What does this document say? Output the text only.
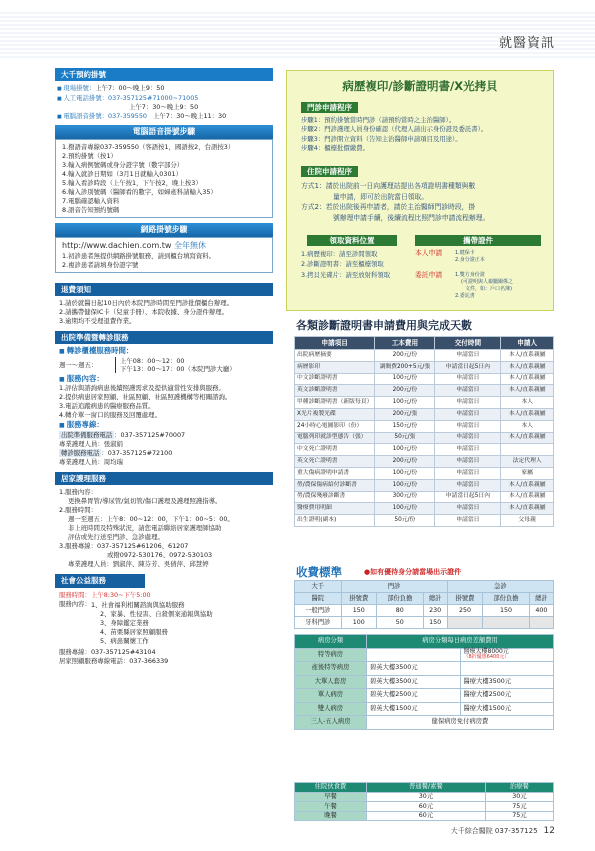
就醫資訊
大千預約掛號
■ 現場掛號：上午7：00～晚上9：50
■ 人工電話掛號：037-357125#71000~71005
上午7：30～晚上9：50
■ 電腦語音掛號：037-359550 上午7：30～晚上11：30
電腦語音掛號步驟
1.撥語音專線037-359550（客語按1，國語按2，台語按3）
2.預約掛號（按1）
3.輸入病例號碼或身分證字號（數字部分）
4.輸入就診日期如（3月1日就輸入0301）
5.輸入看診時段（上午按1，下午按2，晚上按3）
6.輸入診別號碼（醫師看的數字，如婦產科請輸入35）
7.電腦確認輸入資料
8.語音告知預約號碼
網路掛號步驟
http://www.dachien.com.tw 全年無休
1.初診患者無提供網路掛號服務，請到櫃台填寫資料。
2.複診患者請填身份證字號
退費須知
1.請於就醫日起10日內於本院門診時間至門診批價櫃台辦理。
2.請攜帶健保IC卡（兒童手冊）、本院收據、身分證件辦理。
3.逾期均不受理退費作業。
出院準備暨轉診服務
■ 轉診櫃檯服務時間：
週一～週五：	上午08：00～12：00
下午13：00～17：00（本院門診大廳）
■ 服務內容：
1.評估與諮詢病患後續照護需求及提供適當性安排與服務。
2.提供病患居家照顧、社區照顧、社區照護機構等相關諮詢。
3.電話追蹤病患的醫療服務品質。
4.轉介單一窗口的服務及回覆處理。
■ 服務專線：
出院準備服務電話 ：037-357125#70007
專業護理人員：張淑娟
轉診服務電話 ：037-357125#72100
專業護理人員：周均瑞
居家護理服務
1.服務內容：
更換鼻胃管/導尿管/氣切管/傷口護理及護理照護指導。
2.服務時間：
週一至週五：上午8：00~12：00，下午1：00~5：00。
非上班時間及特殊狀況，請您電話聯絡居家護理師協助
評估或先行送至門診、急診處理。
3.服務專線：037-357125#61206、61207
或撥0972-530176、0972-530103
專業護理人員：劉淑萍、陳芬芳、吳倩萍、邱慧婷
社會公益服務
服務時間：上午8:30~下午5:00
服務內容： 1、社會福利相關諮詢與協助服務
2、家暴、性侵害、自殺個案通報與協助
3、身障鑑定業務
4、苗栗縣居家照顧服務
5、病患關懷工作
服務專線：037-357125#43104
居家照顧服務專線電話：037-366339
病歷複印/診斷證明書/X光拷貝
門診申請程序
步驟1：預約掛號當時門診（請預約當時之主治醫師）。
步驟2：門診護理人員身份確認（代理人請出示身份證及委託書）。
步驟3：門診開立資料（告知主治醫師申請項目及用途）。
步驟4：櫃檯批價繳費。
住院申請程序
方式1：請於出院前一日向護理站提出各項證明書種類與數
量申請，即可於出院當日領取。
方式2：若於出院後再申請者，請於主治醫師門診時段，掛
號辦理申請手續，後續流程比照門診申請流程辦理。
領取資料位置	攜帶證件
1.病歷複印：請至診間領取
2.診斷證明書：請至櫃檯領取
3.拷貝光碟片：請至放射科領取
本人申請	1.健保卡
2.身分證正本
委託申請	1.雙方身份證
(可證明與人親屬關係之
文件，如：戶口名簿)
2.委託書
各類診斷證明書申請費用與完成天數
申請項目	工本費用	交付時間	申請人
出院病歷摘要	200元/份	申請當日	本人/直系親屬
病歷影印	調閱費200+5元/張	申請當日起5日內	本人/直系親屬
中文診斷證明書	100元/份	申請當日	本人/直系親屬
英文診斷證明書	200元/份	申請當日	本人/直系親屬
甲種診斷證明書（新版每頁）	100元/份	申請當日	本人
X光片複製光碟	200元/張	申請當日	本人/直系親屬
24小時心電圖影印（份）	150元/份	申請當日	本人
電腦列印就診型態告（張）	50元/張	申請當日	本人/直系親屬
中文死亡證明書	100元/份	申請當日	
英文死亡證明書	200元/份	申請當日	法定代理人
重大傷病證明申請書	100元/份	申請當日	家屬
勞/農保傷病給付診斷書	100元/份	申請當日	本人/直系親屬
勞/農保殘廢診斷書	300元/份	申請當日起5日內	本人/直系親屬
醫療費用明細	100元/份	申請當日	本人/直系親屬
出生證明(副本)	50元/份	申請當日	父母親
收費標準	●如有優待身分請當場出示證件
大千	門診			急診		
醫院	掛號費	部份負擔	總計	掛號費	部份負擔	總計
一般門診	150	80	230	250	150	400
牙科門診	100	50	150			
病房分類	病房分類每日病房差額費用	
特等病房		醫療大樓8000元
（8折優惠6400元）

產後特等病房	碧英大樓3500元	
大單人套房	碧英大樓3500元	醫療大樓3500元
單人病房	碧英大樓2500元	醫療大樓2500元
雙人病房	碧英大樓1500元	醫療大樓1500元
三人-五人病房	健保病房免付病房費	
住院伙食費	普通餐/素餐	治療餐
早餐	30元	30元
午餐	60元	75元
晚餐	60元	75元
大千綜合醫院 037-357125 12
